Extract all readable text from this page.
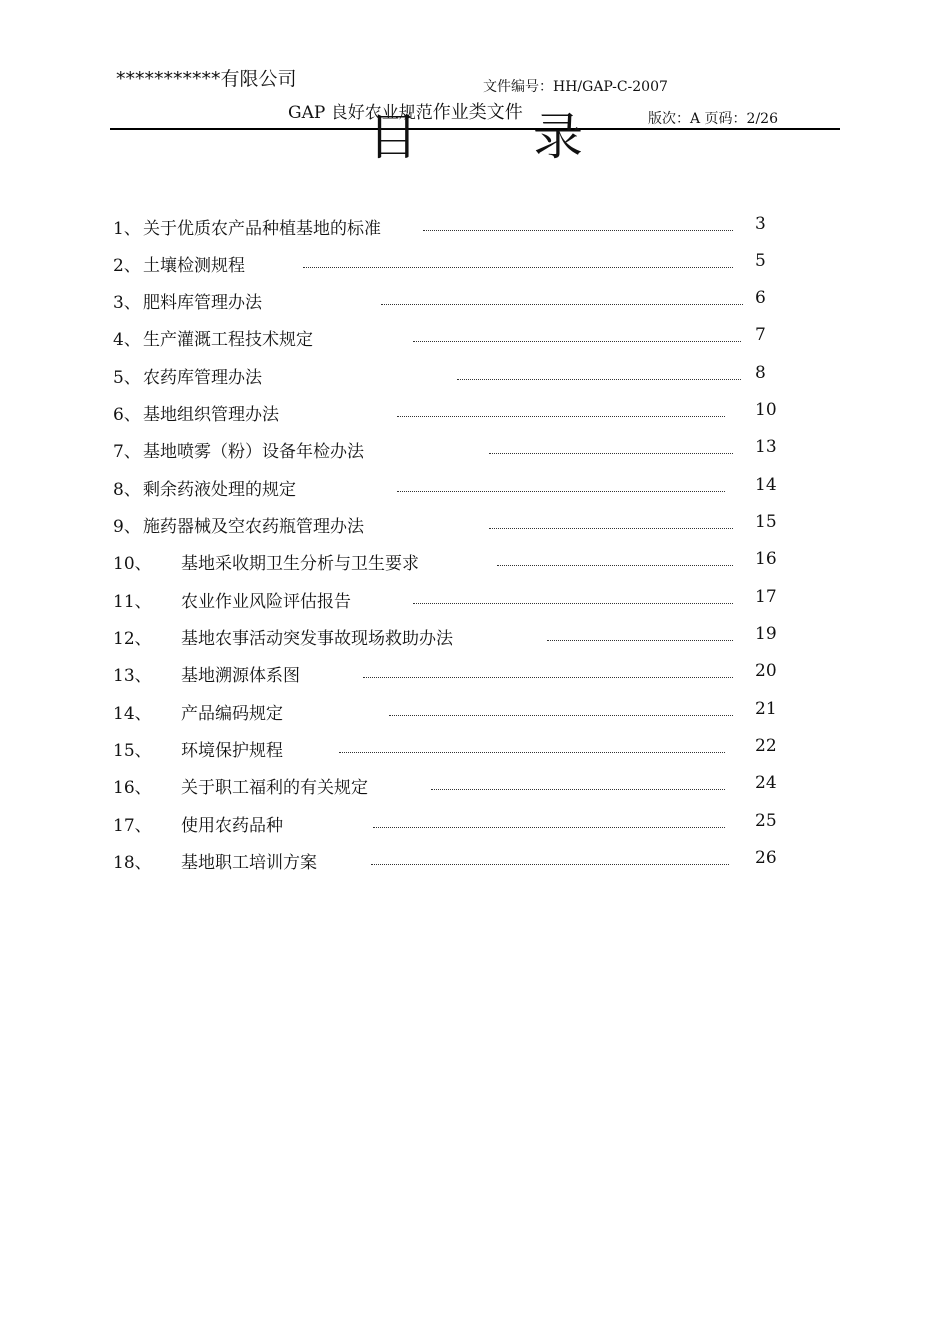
***********有限公司	文件编号：HH/GAP-C-2007
GAP 良好农业规范作业类文件	版次：A 页码：2/26
目 录
1、 关于优质农产品种植基地的标准	3
2、 土壤检测规程	5
3、 肥料库管理办法	6
4、 生产灌溉工程技术规定	7
5、 农药库管理办法	8
6、 基地组织管理办法	10
7、 基地喷雾（粉）设备年检办法	13
8、 剩余药液处理的规定	14
9、 施药器械及空农药瓶管理办法	15
10、 基地采收期卫生分析与卫生要求	16
11、 农业作业风险评估报告	17
12、 基地农事活动突发事故现场救助办法	19
13、 基地溯源体系图	20
14、 产品编码规定	21
15、 环境保护规程	22
16、 关于职工福利的有关规定	24
17、 使用农药品种	25
18、 基地职工培训方案	26
